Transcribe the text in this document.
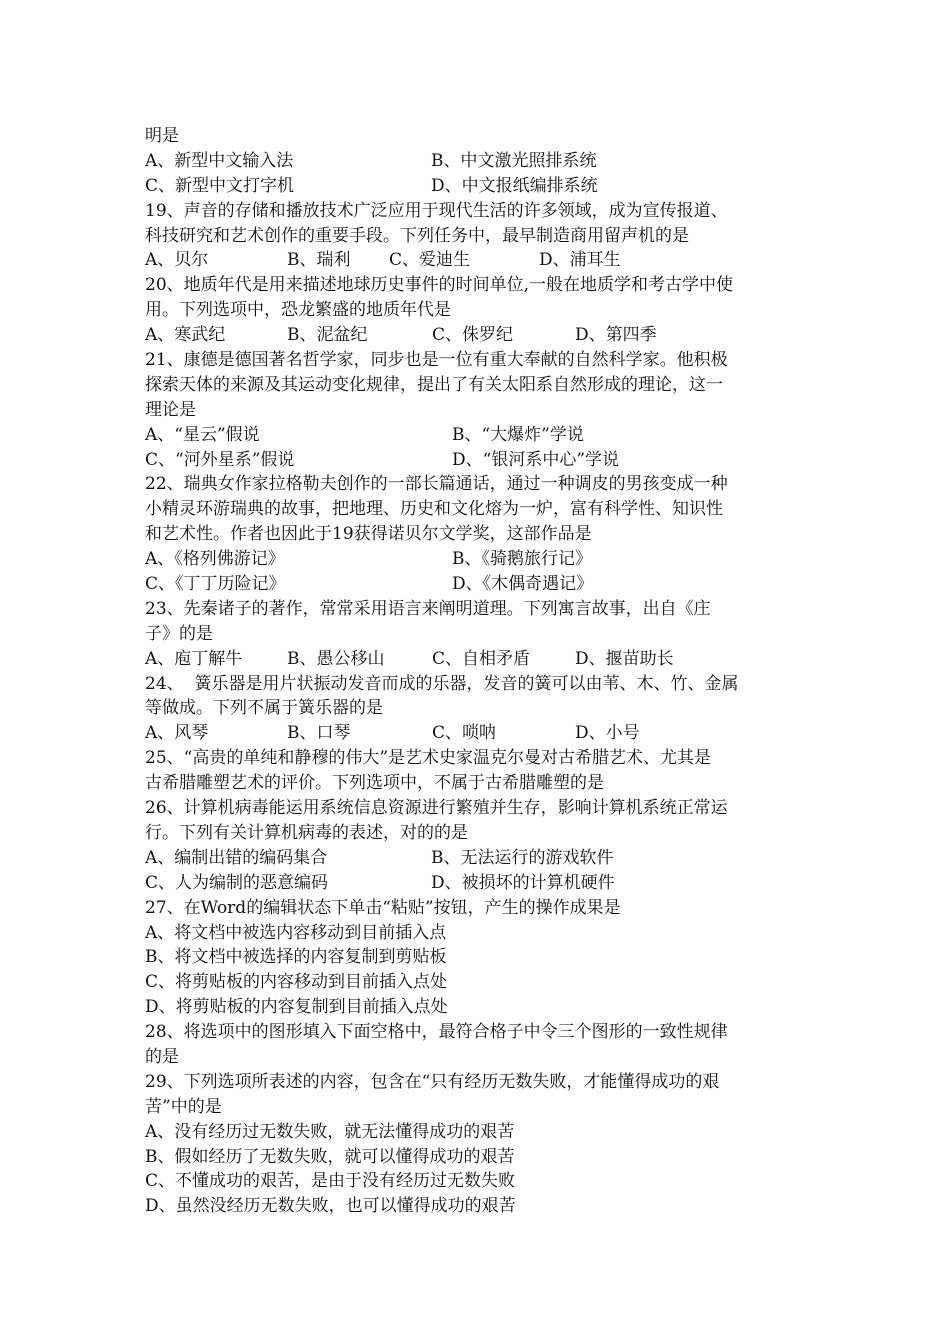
明是
A、新型中文输入法	B、中文激光照排系统
C、新型中文打字机	D、中文报纸编排系统
19、声音的存储和播放技术广泛应用于现代生活的许多领域，成为宣传报道、
科技研究和艺术创作的重要手段。下列任务中，最早制造商用留声机的是
A、贝尔	B、瑞利 C、爱迪生	D、浦耳生
20、地质年代是用来描述地球历史事件的时间单位,一般在地质学和考古学中使
用。下列选项中，恐龙繁盛的地质年代是
A、寒武纪	B、泥盆纪	C、侏罗纪	D、第四季
21、康德是德国著名哲学家，同步也是一位有重大奉献的自然科学家。他积极
探索天体的来源及其运动变化规律，提出了有关太阳系自然形成的理论，这一
理论是
A、“星云”假说	B、“大爆炸”学说
C、“河外星系”假说	D、“银河系中心”学说
22、瑞典女作家拉格勒夫创作的一部长篇通话，通过一种调皮的男孩变成一种
小精灵环游瑞典的故事，把地理、历史和文化熔为一炉，富有科学性、知识性
和艺术性。作者也因此于19获得诺贝尔文学奖，这部作品是
A、《格列佛游记》	B、《骑鹅旅行记》
C、《丁丁历险记》	D、《木偶奇遇记》
23、先秦诸子的著作，常常采用语言来阐明道理。下列寓言故事，出自《庄
子》的是
A、庖丁解牛	B、愚公移山	C、自相矛盾	D、揠苗助长
24、  簧乐器是用片状振动发音而成的乐器，发音的簧可以由苇、木、竹、金属
等做成。下列不属于簧乐器的是
A、风琴	B、口琴	C、唢呐	D、小号
25、“高贵的单纯和静穆的伟大”是艺术史家温克尔曼对古希腊艺术、尤其是
古希腊雕塑艺术的评价。下列选项中，不属于古希腊雕塑的是
26、计算机病毒能运用系统信息资源进行繁殖并生存，影响计算机系统正常运
行。下列有关计算机病毒的表述，对的的是
A、编制出错的编码集合	B、无法运行的游戏软件
C、人为编制的恶意编码	D、被损坏的计算机硬件
27、在Word的编辑状态下单击“粘贴”按钮，产生的操作成果是
A、将文档中被选内容移动到目前插入点
B、将文档中被选择的内容复制到剪贴板
C、将剪贴板的内容移动到目前插入点处
D、将剪贴板的内容复制到目前插入点处
28、将选项中的图形填入下面空格中，最符合格子中令三个图形的一致性规律
的是
29、下列选项所表述的内容，包含在“只有经历无数失败，才能懂得成功的艰
苦”中的是
A、没有经历过无数失败，就无法懂得成功的艰苦
B、假如经历了无数失败，就可以懂得成功的艰苦
C、不懂成功的艰苦，是由于没有经历过无数失败
D、虽然没经历无数失败，也可以懂得成功的艰苦
